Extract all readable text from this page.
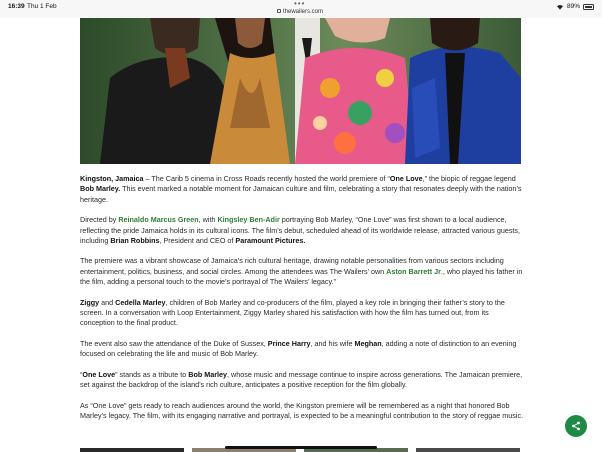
16:39 Thu 1 Feb	•••
thewailers.com
89%

Kingston, Jamaica – The Carib 5 cinema in Cross Roads recently hosted the world premiere of “One Love,” the biopic of reggae legend Bob Marley. This event marked a notable moment for Jamaican culture and film, celebrating a story that resonates deeply with the nation’s heritage.

Directed by Reinaldo Marcus Green, with Kingsley Ben-Adir portraying Bob Marley, “One Love” was first shown to a local audience, reflecting the pride Jamaica holds in its cultural icons. The film’s debut, scheduled ahead of its worldwide release, attracted various guests, including Brian Robbins, President and CEO of Paramount Pictures.

The premiere was a vibrant showcase of Jamaica’s rich cultural heritage, drawing notable personalities from various sectors including entertainment, politics, business, and social circles. Among the attendees was The Wailers’ own Aston Barrett Jr., who played his father in the film, adding a personal touch to the movie’s portrayal of The Wailers’ legacy.”

Ziggy and Cedella Marley, children of Bob Marley and co-producers of the film, played a key role in bringing their father’s story to the screen. In a conversation with Loop Entertainment, Ziggy Marley shared his satisfaction with how the film has turned out, from its conception to the final product.

The event also saw the attendance of the Duke of Sussex, Prince Harry, and his wife Meghan, adding a note of distinction to an evening focused on celebrating the life and music of Bob Marley.

“One Love” stands as a tribute to Bob Marley, whose music and message continue to inspire across generations. The Jamaican premiere, set against the backdrop of the island’s rich culture, anticipates a positive reception for the film globally.

As “One Love” gets ready to reach audiences around the world, the Kingston premiere will be remembered as a night that honored Bob Marley’s legacy. The film, with its engaging narrative and portrayal, is expected to be a meaningful contribution to the story of reggae music.
